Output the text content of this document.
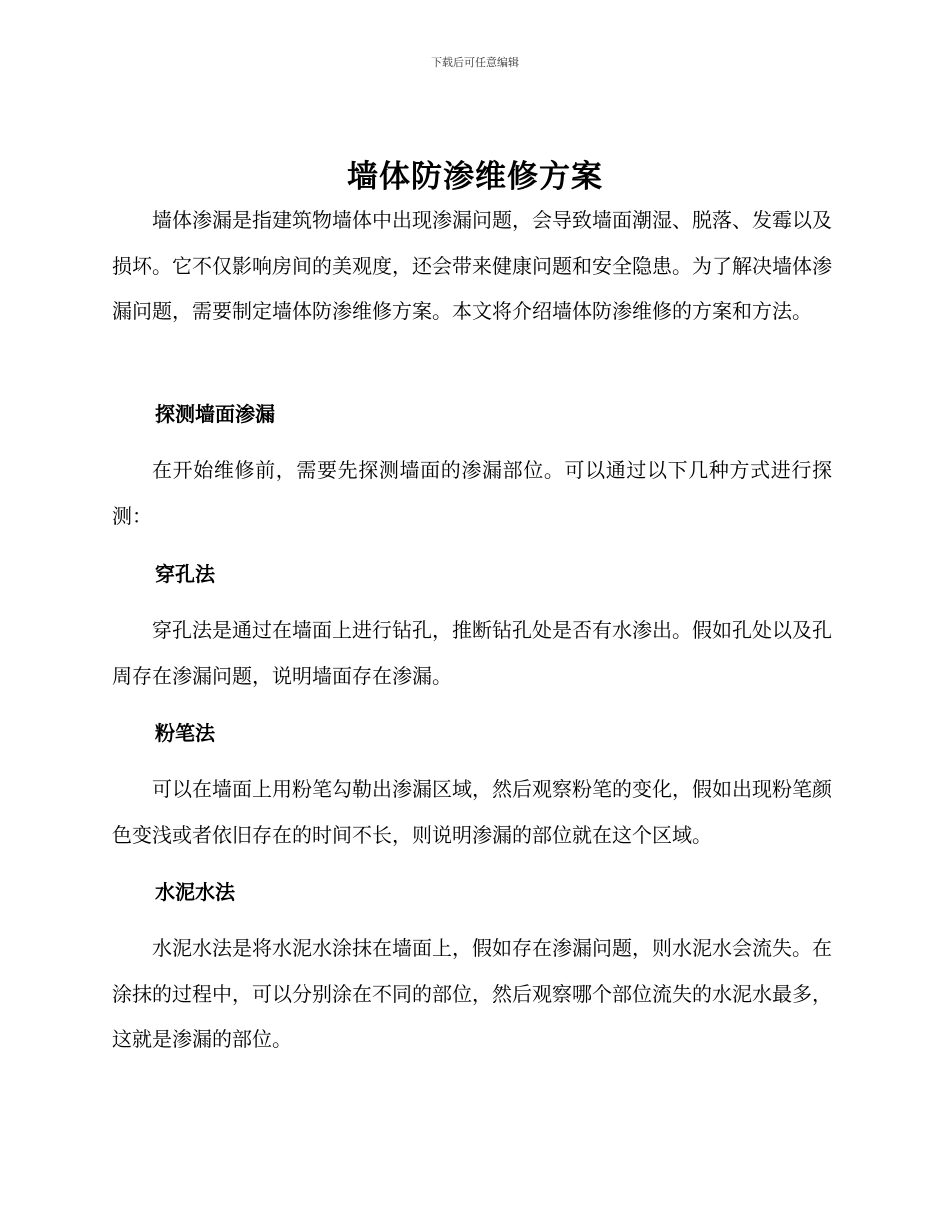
下载后可任意编辑
墙体防渗维修方案

墙体渗漏是指建筑物墙体中出现渗漏问题，会导致墙面潮湿、脱落、发霉以及损坏。它不仅影响房间的美观度，还会带来健康问题和安全隐患。为了解决墙体渗漏问题，需要制定墙体防渗维修方案。本文将介绍墙体防渗维修的方案和方法。

探测墙面渗漏

在开始维修前，需要先探测墙面的渗漏部位。可以通过以下几种方式进行探测：

穿孔法

穿孔法是通过在墙面上进行钻孔，推断钻孔处是否有水渗出。假如孔处以及孔周存在渗漏问题，说明墙面存在渗漏。

粉笔法

可以在墙面上用粉笔勾勒出渗漏区域，然后观察粉笔的变化，假如出现粉笔颜色变浅或者依旧存在的时间不长，则说明渗漏的部位就在这个区域。

水泥水法

水泥水法是将水泥水涂抹在墙面上，假如存在渗漏问题，则水泥水会流失。在涂抹的过程中，可以分别涂在不同的部位，然后观察哪个部位流失的水泥水最多，这就是渗漏的部位。
